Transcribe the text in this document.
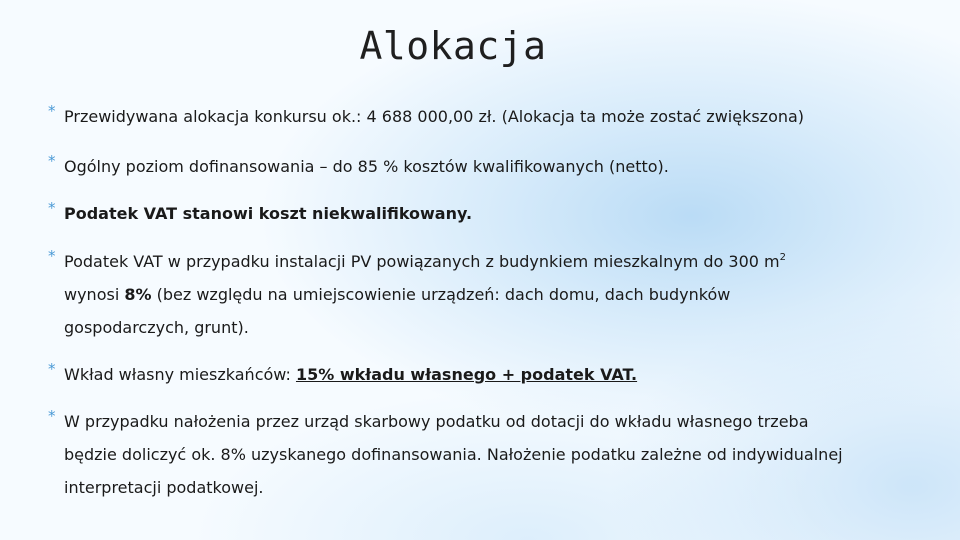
Alokacja
* Przewidywana alokacja konkursu ok.: 4 688 000,00 zł. (Alokacja ta może zostać zwiększona)
* Ogólny poziom dofinansowania – do 85 % kosztów kwalifikowanych (netto).
* Podatek VAT stanowi koszt niekwalifikowany.
* Podatek VAT w przypadku instalacji PV powiązanych z budynkiem mieszkalnym do 300 $m^2$
wynosi 8% (bez względu na umiejscowienie urządzeń: dach domu, dach budynków
gospodarczych, grunt).
* Wkład własny mieszkańców: 15% wkładu własnego + podatek VAT.
* W przypadku nałożenia przez urząd skarbowy podatku od dotacji do wkładu własnego trzeba
będzie doliczyć ok. 8% uzyskanego dofinansowania. Nałożenie podatku zależne od indywidualnej
interpretacji podatkowej.
